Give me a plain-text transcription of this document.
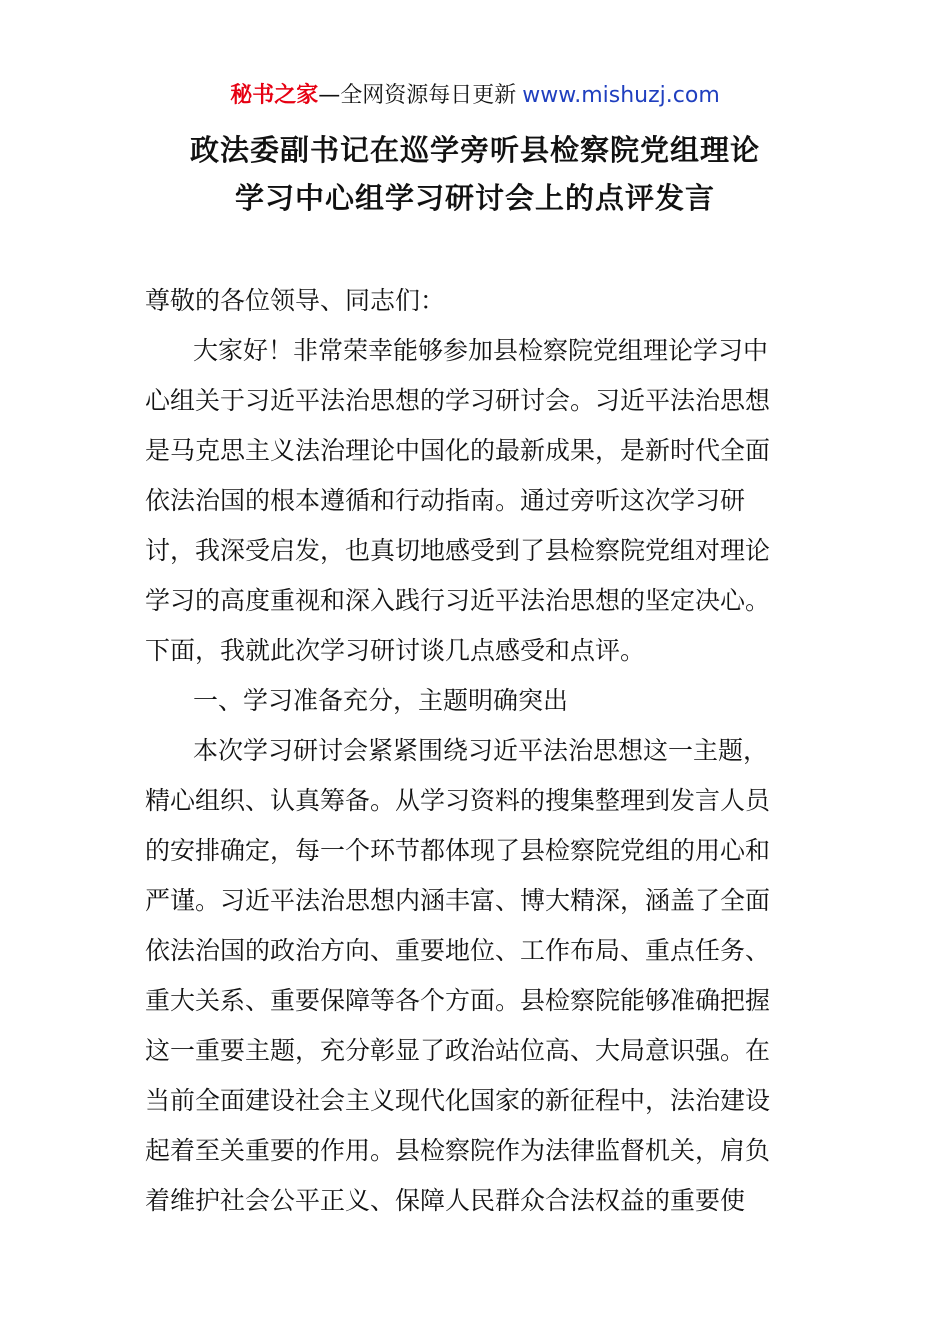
秘书之家—全网资源每日更新 www.mishuzj.com
政法委副书记在巡学旁听县检察院党组理论
学习中心组学习研讨会上的点评发言
尊敬的各位领导、同志们：
大家好！非常荣幸能够参加县检察院党组理论学习中
心组关于习近平法治思想的学习研讨会。习近平法治思想
是马克思主义法治理论中国化的最新成果，是新时代全面
依法治国的根本遵循和行动指南。通过旁听这次学习研
讨，我深受启发，也真切地感受到了县检察院党组对理论
学习的高度重视和深入践行习近平法治思想的坚定决心。
下面，我就此次学习研讨谈几点感受和点评。
一、学习准备充分，主题明确突出
本次学习研讨会紧紧围绕习近平法治思想这一主题，
精心组织、认真筹备。从学习资料的搜集整理到发言人员
的安排确定，每一个环节都体现了县检察院党组的用心和
严谨。习近平法治思想内涵丰富、博大精深，涵盖了全面
依法治国的政治方向、重要地位、工作布局、重点任务、
重大关系、重要保障等各个方面。县检察院能够准确把握
这一重要主题，充分彰显了政治站位高、大局意识强。在
当前全面建设社会主义现代化国家的新征程中，法治建设
起着至关重要的作用。县检察院作为法律监督机关，肩负
着维护社会公平正义、保障人民群众合法权益的重要使
